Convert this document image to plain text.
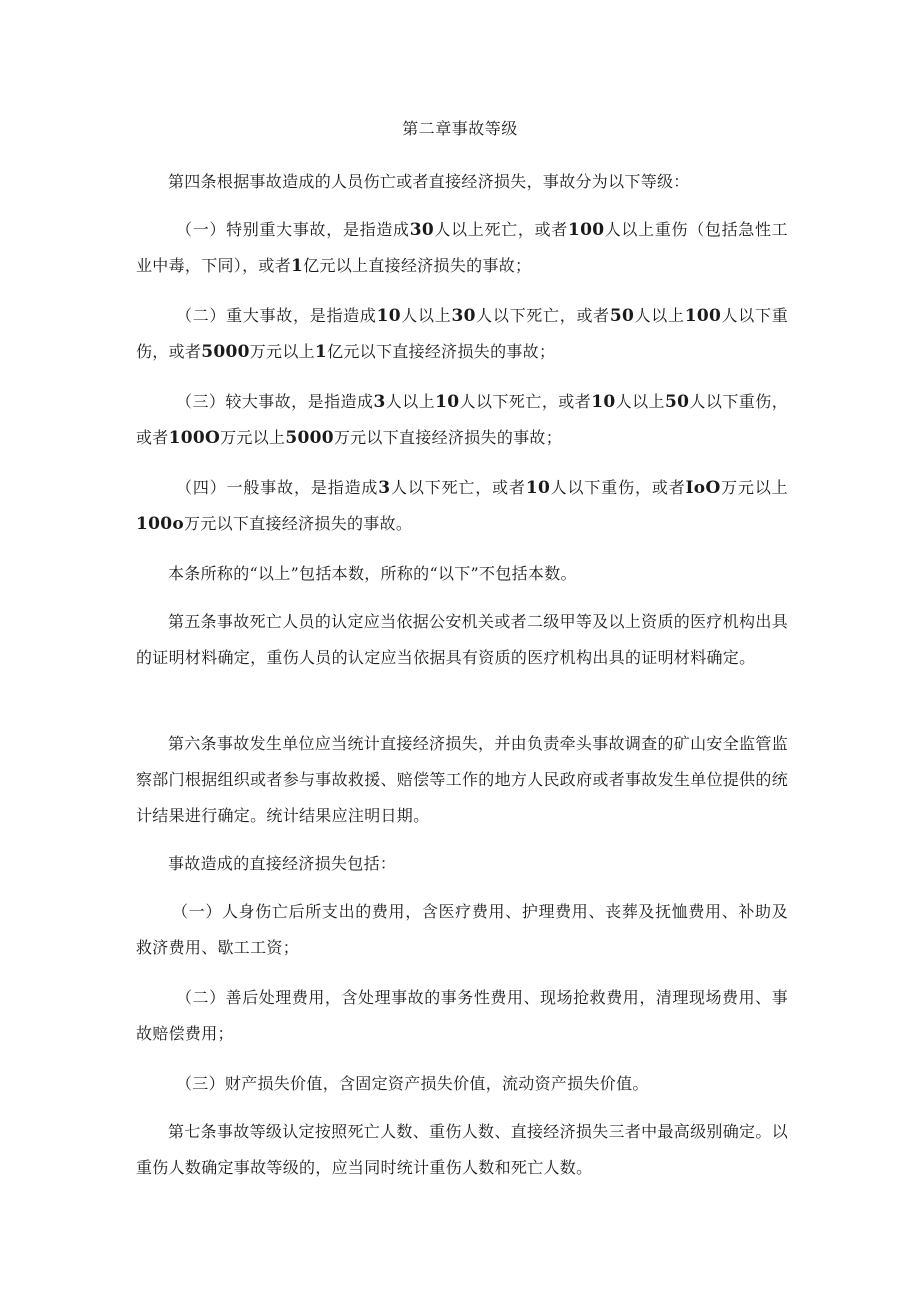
第二章事故等级

第四条根据事故造成的人员伤亡或者直接经济损失，事故分为以下等级：

（一）特别重大事故，是指造成30人以上死亡，或者100人以上重伤（包括急性工业中毒，下同），或者1亿元以上直接经济损失的事故；

（二）重大事故，是指造成10人以上30人以下死亡，或者50人以上100人以下重伤，或者5000万元以上1亿元以下直接经济损失的事故；

（三）较大事故，是指造成3人以上10人以下死亡，或者10人以上50人以下重伤，或者100O万元以上5000万元以下直接经济损失的事故；

（四）一般事故，是指造成3人以下死亡，或者10人以下重伤，或者IoO万元以上100o万元以下直接经济损失的事故。

本条所称的“以上”包括本数，所称的“以下”不包括本数。

第五条事故死亡人员的认定应当依据公安机关或者二级甲等及以上资质的医疗机构出具的证明材料确定，重伤人员的认定应当依据具有资质的医疗机构出具的证明材料确定。

第六条事故发生单位应当统计直接经济损失，并由负责牵头事故调查的矿山安全监管监察部门根据组织或者参与事故救援、赔偿等工作的地方人民政府或者事故发生单位提供的统计结果进行确定。统计结果应注明日期。

事故造成的直接经济损失包括：

（一）人身伤亡后所支出的费用，含医疗费用、护理费用、丧葬及抚恤费用、补助及救济费用、歇工工资；

（二）善后处理费用，含处理事故的事务性费用、现场抢救费用，清理现场费用、事故赔偿费用；

（三）财产损失价值，含固定资产损失价值，流动资产损失价值。

第七条事故等级认定按照死亡人数、重伤人数、直接经济损失三者中最高级别确定。以重伤人数确定事故等级的，应当同时统计重伤人数和死亡人数。
